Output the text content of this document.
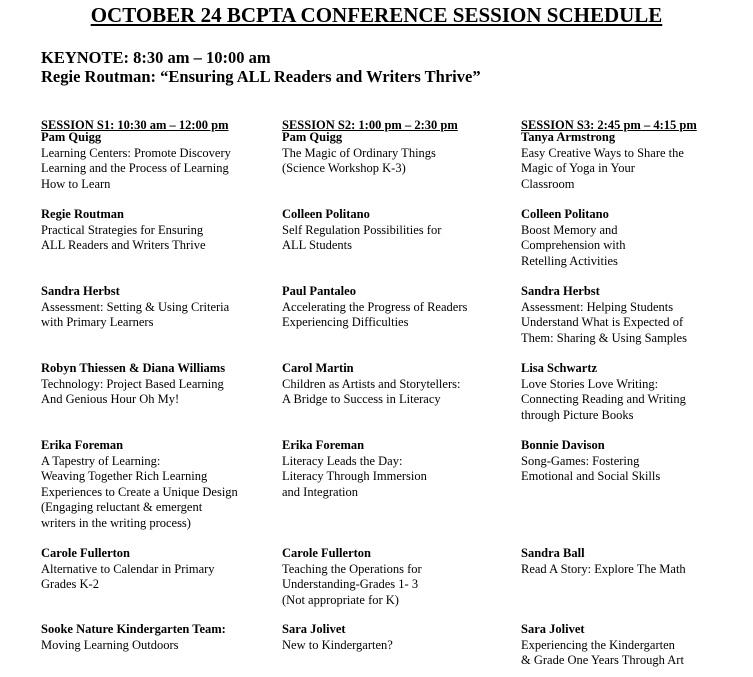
OCTOBER 24 BCPTA CONFERENCE SESSION SCHEDULE
KEYNOTE: 8:30 am – 10:00 am
Regie Routman: “Ensuring ALL Readers and Writers Thrive”
SESSION S1: 10:30 am – 12:00 pm
Pam Quigg
Learning Centers: Promote Discovery
Learning and the Process of Learning
How to Learn
Regie Routman
Practical Strategies for Ensuring
ALL Readers and Writers Thrive
Sandra Herbst
Assessment: Setting & Using Criteria
with Primary Learners
Robyn Thiessen & Diana Williams
Technology: Project Based Learning
And Genious Hour Oh My!
Erika Foreman
A Tapestry of Learning:
Weaving Together Rich Learning
Experiences to Create a Unique Design
(Engaging reluctant & emergent
writers in the writing process)
Carole Fullerton
Alternative to Calendar in Primary
Grades K-2
Sooke Nature Kindergarten Team:
Moving Learning Outdoors
SESSION S2: 1:00 pm – 2:30 pm
Pam Quigg
The Magic of Ordinary Things
(Science Workshop K-3)
Colleen Politano
Self Regulation Possibilities for
ALL Students
Paul Pantaleo
Accelerating the Progress of Readers
Experiencing Difficulties
Carol Martin
Children as Artists and Storytellers:
A Bridge to Success in Literacy
Erika Foreman
Literacy Leads the Day:
Literacy Through Immersion
and Integration
Carole Fullerton
Teaching the Operations for
Understanding-Grades 1- 3
(Not appropriate for K)
Sara Jolivet
New to Kindergarten?
SESSION S3: 2:45 pm – 4:15 pm
Tanya Armstrong
Easy Creative Ways to Share the
Magic of Yoga in Your
Classroom
Colleen Politano
Boost Memory and
Comprehension with
Retelling Activities
Sandra Herbst
Assessment: Helping Students
Understand What is Expected of
Them: Sharing & Using Samples
Lisa Schwartz
Love Stories Love Writing:
Connecting Reading and Writing
through Picture Books
Bonnie Davison
Song-Games: Fostering
Emotional and Social Skills
Sandra Ball
Read A Story: Explore The Math
Sara Jolivet
Experiencing the Kindergarten
& Grade One Years Through Art
